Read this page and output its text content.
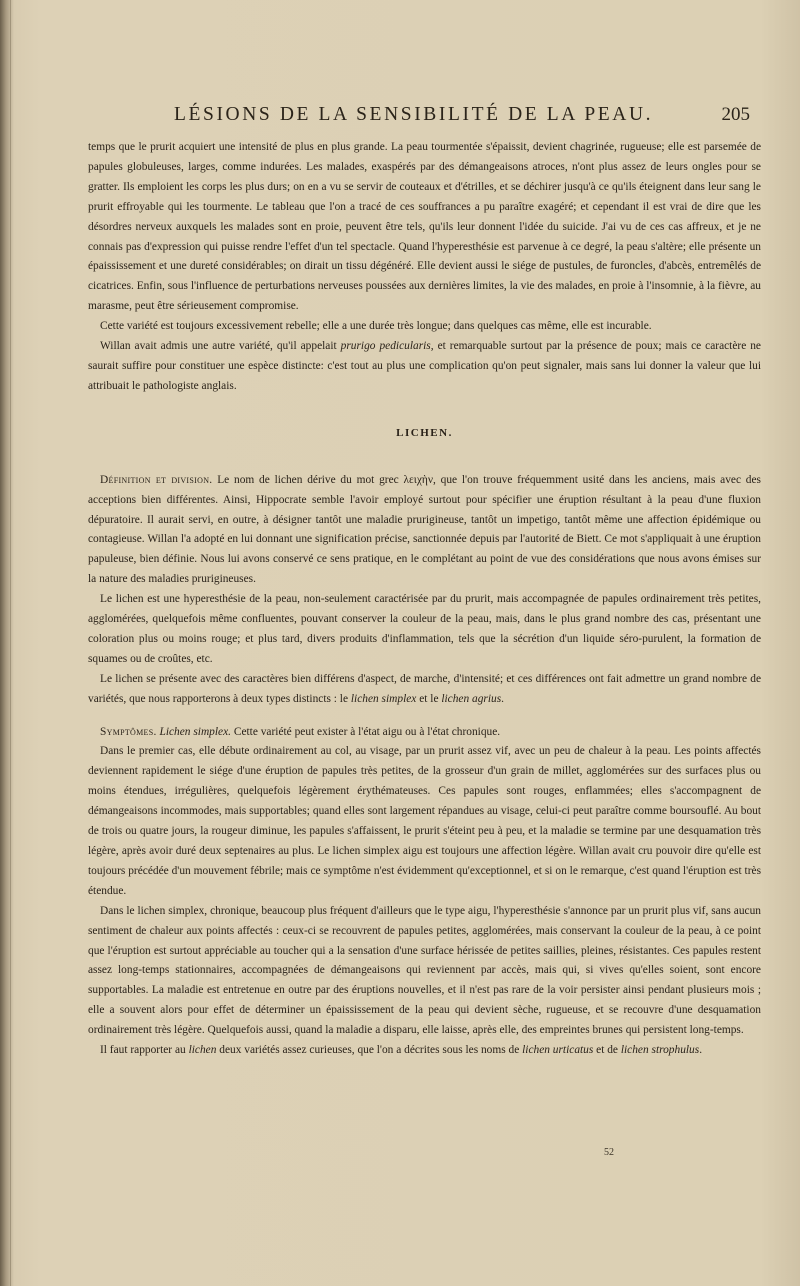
LÉSIONS DE LA SENSIBILITÉ DE LA PEAU.	205

temps que le prurit acquiert une intensité de plus en plus grande. La peau tourmentée s'épaissit, devient chagrinée, rugueuse; elle est parsemée de papules globuleuses, larges, comme indurées. Les malades, exaspérés par des démangeaisons atroces, n'ont plus assez de leurs ongles pour se gratter. Ils emploient les corps les plus durs; on en a vu se servir de couteaux et d'étrilles, et se déchirer jusqu'à ce qu'ils éteignent dans leur sang le prurit effroyable qui les tourmente. Le tableau que l'on a tracé de ces souffrances a pu paraître exagéré; et cependant il est vrai de dire que les désordres nerveux auxquels les malades sont en proie, peuvent être tels, qu'ils leur donnent l'idée du suicide. J'ai vu de ces cas affreux, et je ne connais pas d'expression qui puisse rendre l'effet d'un tel spectacle. Quand l'hyperesthésie est parvenue à ce degré, la peau s'altère; elle présente un épaississement et une dureté considérables; on dirait un tissu dégénéré. Elle devient aussi le siége de pustules, de furoncles, d'abcès, entremêlés de cicatrices. Enfin, sous l'influence de perturbations nerveuses poussées aux dernières limites, la vie des malades, en proie à l'insomnie, à la fièvre, au marasme, peut être sérieusement compromise.

Cette variété est toujours excessivement rebelle; elle a une durée très longue; dans quelques cas même, elle est incurable.

Willan avait admis une autre variété, qu'il appelait prurigo pedicularis, et remarquable surtout par la présence de poux; mais ce caractère ne saurait suffire pour constituer une espèce distincte: c'est tout au plus une complication qu'on peut signaler, mais sans lui donner la valeur que lui attribuait le pathologiste anglais.

LICHEN.

Définition et division. Le nom de lichen dérive du mot grec λειχὴν, que l'on trouve fréquemment usité dans les anciens, mais avec des acceptions bien différentes. Ainsi, Hippocrate semble l'avoir employé surtout pour spécifier une éruption résultant à la peau d'une fluxion dépuratoire. Il aurait servi, en outre, à désigner tantôt une maladie prurigineuse, tantôt un impetigo, tantôt même une affection épidémique ou contagieuse. Willan l'a adopté en lui donnant une signification précise, sanctionnée depuis par l'autorité de Biett. Ce mot s'appliquait à une éruption papuleuse, bien définie. Nous lui avons conservé ce sens pratique, en le complétant au point de vue des considérations que nous avons émises sur la nature des maladies prurigineuses.

Le lichen est une hyperesthésie de la peau, non-seulement caractérisée par du prurit, mais accompagnée de papules ordinairement très petites, agglomérées, quelquefois même confluentes, pouvant conserver la couleur de la peau, mais, dans le plus grand nombre des cas, présentant une coloration plus ou moins rouge; et plus tard, divers produits d'inflammation, tels que la sécrétion d'un liquide séro-purulent, la formation de squames ou de croûtes, etc.

Le lichen se présente avec des caractères bien différens d'aspect, de marche, d'intensité; et ces différences ont fait admettre un grand nombre de variétés, que nous rapporterons à deux types distincts : le lichen simplex et le lichen agrius.

Symptômes. Lichen simplex. Cette variété peut exister à l'état aigu ou à l'état chronique.

Dans le premier cas, elle débute ordinairement au col, au visage, par un prurit assez vif, avec un peu de chaleur à la peau. Les points affectés deviennent rapidement le siége d'une éruption de papules très petites, de la grosseur d'un grain de millet, agglomérées sur des surfaces plus ou moins étendues, irrégulières, quelquefois légèrement érythémateuses. Ces papules sont rouges, enflammées; elles s'accompagnent de démangeaisons incommodes, mais supportables; quand elles sont largement répandues au visage, celui-ci peut paraître comme boursouflé. Au bout de trois ou quatre jours, la rougeur diminue, les papules s'affaissent, le prurit s'éteint peu à peu, et la maladie se termine par une desquamation très légère, après avoir duré deux septenaires au plus. Le lichen simplex aigu est toujours une affection légère. Willan avait cru pouvoir dire qu'elle est toujours précédée d'un mouvement fébrile; mais ce symptôme n'est évidemment qu'exceptionnel, et si on le remarque, c'est quand l'éruption est très étendue.

Dans le lichen simplex, chronique, beaucoup plus fréquent d'ailleurs que le type aigu, l'hyperesthésie s'annonce par un prurit plus vif, sans aucun sentiment de chaleur aux points affectés : ceux-ci se recouvrent de papules petites, agglomérées, mais conservant la couleur de la peau, à ce point que l'éruption est surtout appréciable au toucher qui a la sensation d'une surface hérissée de petites saillies, pleines, résistantes. Ces papules restent assez long-temps stationnaires, accompagnées de démangeaisons qui reviennent par accès, mais qui, si vives qu'elles soient, sont encore supportables. La maladie est entretenue en outre par des éruptions nouvelles, et il n'est pas rare de la voir persister ainsi pendant plusieurs mois ; elle a souvent alors pour effet de déterminer un épaississement de la peau qui devient sèche, rugueuse, et se recouvre d'une desquamation ordinairement très légère. Quelquefois aussi, quand la maladie a disparu, elle laisse, après elle, des empreintes brunes qui persistent long-temps.

Il faut rapporter au lichen deux variétés assez curieuses, que l'on a décrites sous les noms de lichen urticatus et de lichen strophulus.

52
